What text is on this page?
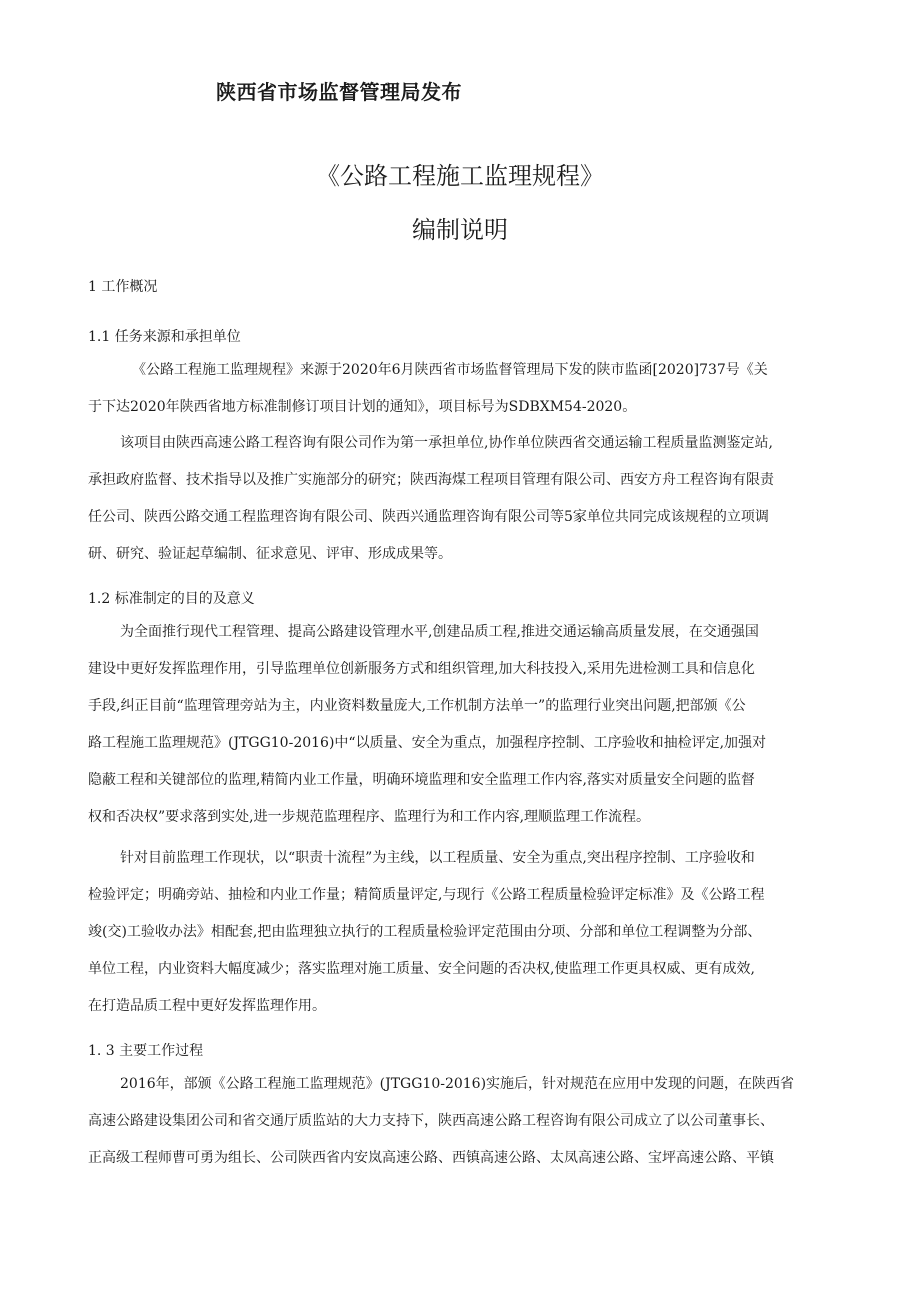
陕西省市场监督管理局发布
《公路工程施工监理规程》
编制说明
1 工作概况
1.1 任务来源和承担单位
《公路工程施工监理规程》来源于2020年6月陕西省市场监督管理局下发的陕市监函[2020]737号《关
于下达2020年陕西省地方标准制修订项目计划的通知》，项目标号为SDBXM54-2020。
该项目由陕西高速公路工程咨询有限公司作为第一承担单位,协作单位陕西省交通运输工程质量监测鉴定站,
承担政府监督、技术指导以及推广实施部分的研究；陕西海煤工程项目管理有限公司、西安方舟工程咨询有限责
任公司、陕西公路交通工程监理咨询有限公司、陕西兴通监理咨询有限公司等5家单位共同完成该规程的立项调
研、研究、验证起草编制、征求意见、评审、形成成果等。
1.2 标准制定的目的及意义
为全面推行现代工程管理、提高公路建设管理水平,创建品质工程,推进交通运输高质量发展，在交通强国
建设中更好发挥监理作用，引导监理单位创新服务方式和组织管理,加大科技投入,采用先进检测工具和信息化
手段,纠正目前“监理管理旁站为主，内业资料数量庞大,工作机制方法单一”的监理行业突出问题,把部颁《公
路工程施工监理规范》(JTGG10-2016)中“以质量、安全为重点，加强程序控制、工序验收和抽检评定,加强对
隐蔽工程和关键部位的监理,精简内业工作量，明确环境监理和安全监理工作内容,落实对质量安全问题的监督
权和否决权”要求落到实处,进一步规范监理程序、监理行为和工作内容,理顺监理工作流程。
针对目前监理工作现状，以“职责十流程”为主线，以工程质量、安全为重点,突出程序控制、工序验收和
检验评定；明确旁站、抽检和内业工作量；精简质量评定,与现行《公路工程质量检验评定标准》及《公路工程
竣(交)工验收办法》相配套,把由监理独立执行的工程质量检验评定范围由分项、分部和单位工程调整为分部、
单位工程，内业资料大幅度减少；落实监理对施工质量、安全问题的否决权,使监理工作更具权威、更有成效,
在打造品质工程中更好发挥监理作用。
1. 3 主要工作过程
2016年，部颁《公路工程施工监理规范》(JTGG10-2016)实施后，针对规范在应用中发现的问题，在陕西省
高速公路建设集团公司和省交通厅质监站的大力支持下，陕西高速公路工程咨询有限公司成立了以公司董事长、
正高级工程师曹可勇为组长、公司陕西省内安岚高速公路、西镇高速公路、太凤高速公路、宝坪高速公路、平镇
